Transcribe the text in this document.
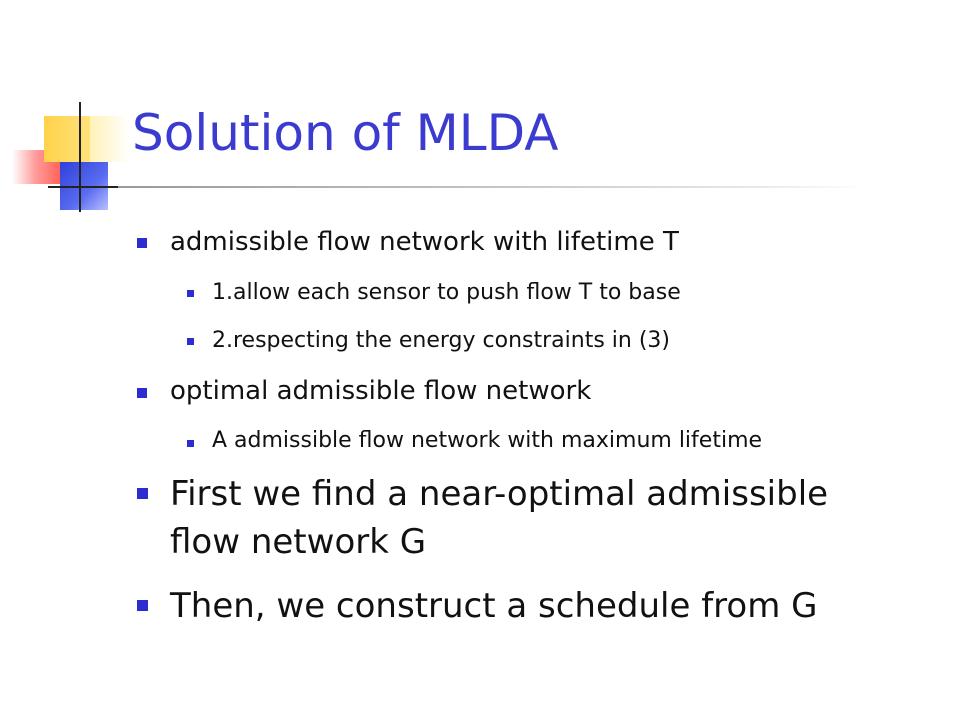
Solution of MLDA
admissible flow network with lifetime T
1.allow each sensor to push flow T to base
2.respecting the energy constraints in (3)
optimal admissible flow network
A admissible flow network with maximum lifetime
First we find a near-optimal admissible
flow network G
Then, we construct a schedule from G
